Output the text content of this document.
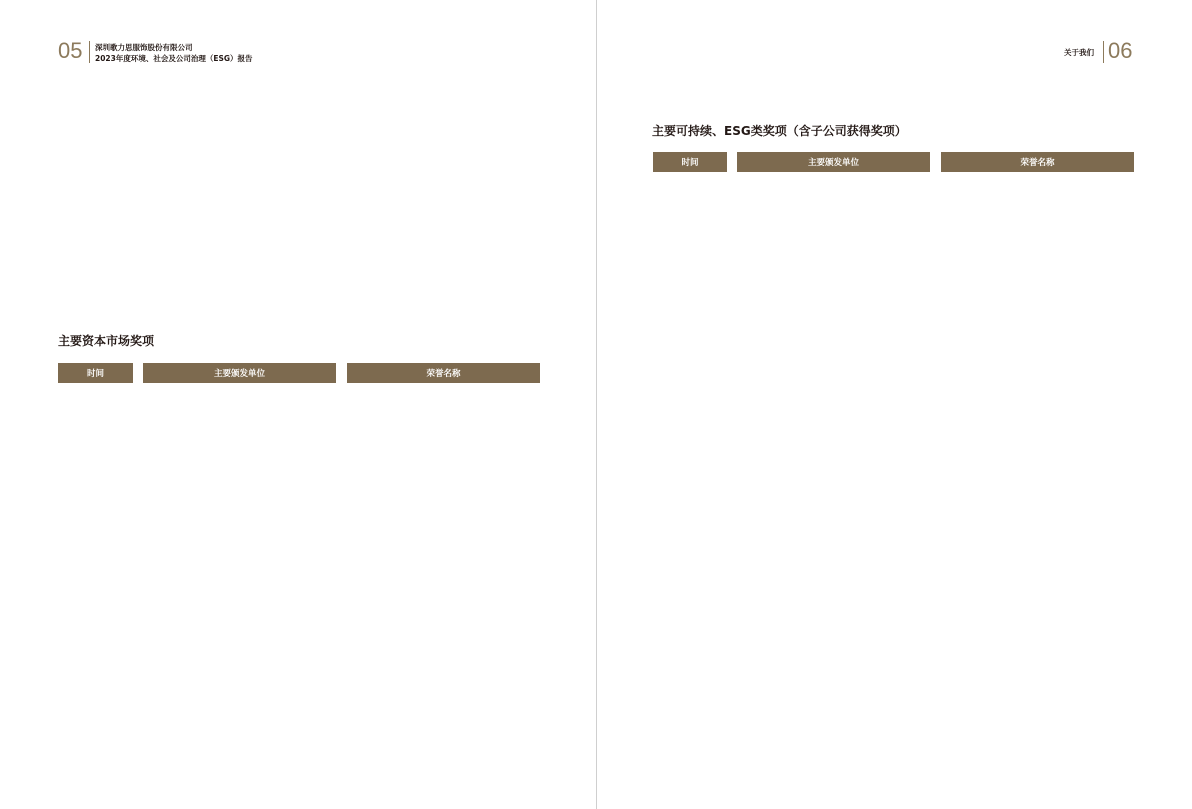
05 深圳歌力思服饰股份有限公司
2023年度环境、社会及公司治理（ESG）报告
关于我们 06
主要资本市场奖项
时间	主要颁发单位	荣誉名称
主要可持续、ESG类奖项（含子公司获得奖项）
时间	主要颁发单位	荣誉名称
